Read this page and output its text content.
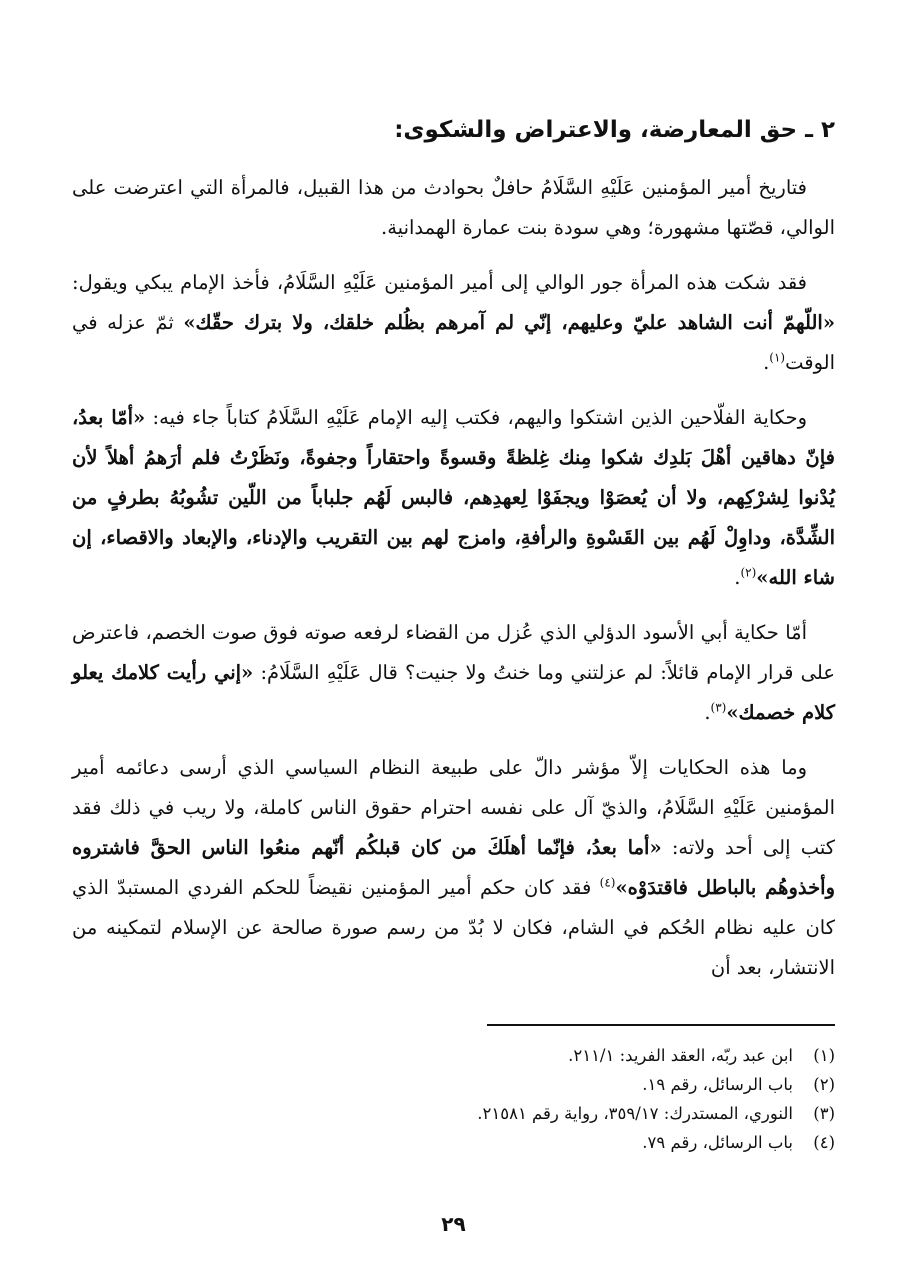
٢ ـ حق المعارضة، والاعتراض والشكوى:

فتاريخ أمير المؤمنين عَلَيْهِ السَّلَامُ حافلٌ بحوادث من هذا القبيل، فالمرأة التي اعترضت على الوالي، قصّتها مشهورة؛ وهي سودة بنت عمارة الهمدانية.

فقد شكت هذه المرأة جور الوالي إلى أمير المؤمنين عَلَيْهِ السَّلَامُ، فأخذ الإمام يبكي ويقول: «اللّهمّ أنت الشاهد عليّ وعليهم، إنّي لم آمرهم بظُلم خلقك، ولا بترك حقّك» ثمّ عزله في الوقت$^{(١)}$.

وحكاية الفلّاحين الذين اشتكوا واليهم، فكتب إليه الإمام عَلَيْهِ السَّلَامُ كتاباً جاء فيه: «أمّا بعدُ، فإنّ دهاقين أهْلَ بَلدِك شكوا مِنك غِلظةً وقسوةً واحتقاراً وجفوةً، ونَظَرْتُ فلم أرَهمُ أهلاً لأن يُدْنوا لِشرْكِهم، ولا أن يُعصَوْا ويجفَوْا لِعهدِهم، فالبس لَهُم جلباباً من اللّين تشُوبُهُ بطرفٍ من الشِّدَّة، وداوِلْ لَهُم بين القَسْوةِ والرأفةِ، وامزج لهم بين التقريب والإدناء، والإبعاد والاقصاء، إن شاء الله»$^{(٢)}$.

أمّا حكاية أبي الأسود الدؤلي الذي عُزل من القضاء لرفعه صوته فوق صوت الخصم، فاعترض على قرار الإمام قائلاً: لم عزلتني وما خنتُ ولا جنيت؟ قال عَلَيْهِ السَّلَامُ: «إني رأيت كلامك يعلو كلام خصمك»$^{(٣)}$.

وما هذه الحكايات إلاّ مؤشر دالّ على طبيعة النظام السياسي الذي أرسى دعائمه أمير المؤمنين عَلَيْهِ السَّلَامُ، والذيّ آل على نفسه احترام حقوق الناس كاملة، ولا ريب في ذلك فقد كتب إلى أحد ولاته: «أما بعدُ، فإنّما أهلَكَ من كان قبلكُم أنّهم منعُوا الناس الحقَّ فاشتروه وأخذوهُم بالباطل فاقتدَوْه»$^{(٤)}$ فقد كان حكم أمير المؤمنين نقيضاً للحكم الفردي المستبدّ الذي كان عليه نظام الحُكم في الشام، فكان لا بُدّ من رسم صورة صالحة عن الإسلام لتمكينه من الانتشار، بعد أن

(١)
ابن عبد ربّه، العقد الفريد: ٢١١/١.
(٢)
باب الرسائل، رقم ١٩.
(٣)
النوري، المستدرك: ٣٥٩/١٧، رواية رقم ٢١٥٨١.
(٤)
باب الرسائل، رقم ٧٩.
٢٩
